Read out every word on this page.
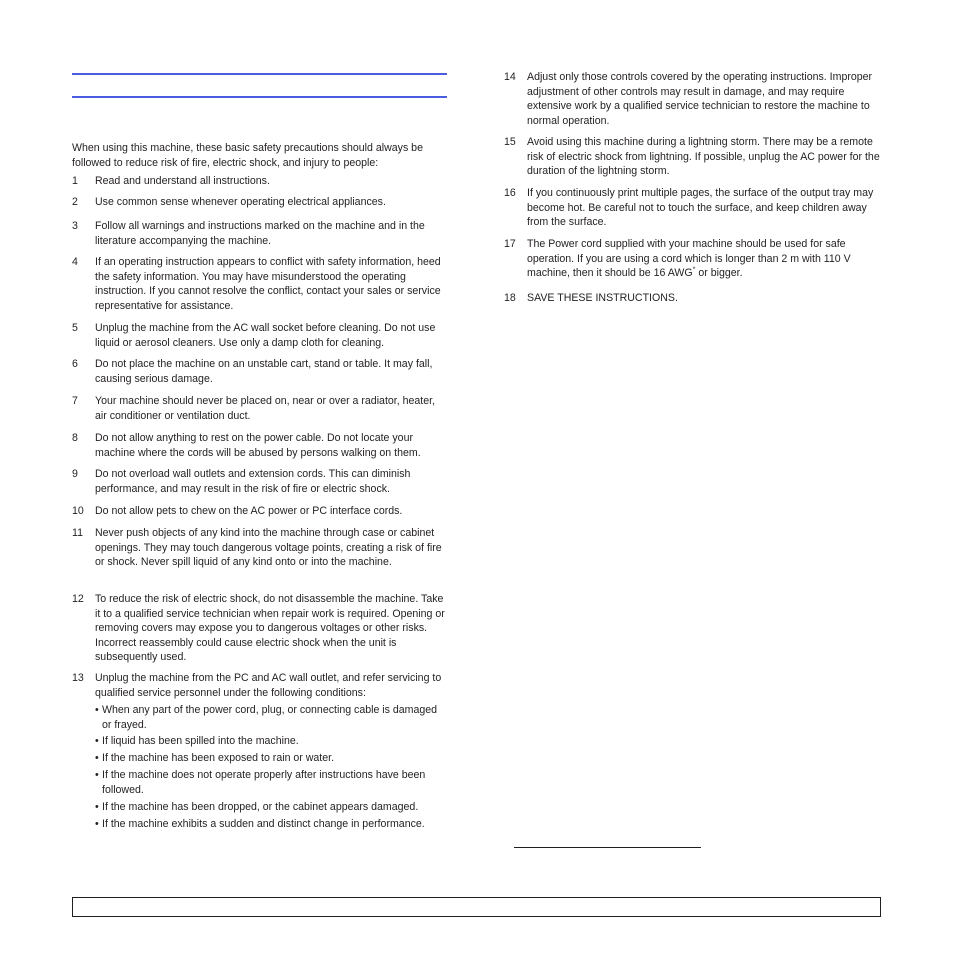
When using this machine, these basic safety precautions should always be followed to reduce risk of fire, electric shock, and injury to people:
1	Read and understand all instructions.
2	Use common sense whenever operating electrical appliances.
3	Follow all warnings and instructions marked on the machine and in the literature accompanying the machine.
4	If an operating instruction appears to conflict with safety information, heed the safety information. You may have misunderstood the operating instruction. If you cannot resolve the conflict, contact your sales or service representative for assistance.
5	Unplug the machine from the AC wall socket before cleaning. Do not use liquid or aerosol cleaners. Use only a damp cloth for cleaning.
6	Do not place the machine on an unstable cart, stand or table. It may fall, causing serious damage.
7	Your machine should never be placed on, near or over a radiator, heater, air conditioner or ventilation duct.
8	Do not allow anything to rest on the power cable. Do not locate your machine where the cords will be abused by persons walking on them.
9	Do not overload wall outlets and extension cords. This can diminish performance, and may result in the risk of fire or electric shock.
10	Do not allow pets to chew on the AC power or PC interface cords.
11	Never push objects of any kind into the machine through case or cabinet openings. They may touch dangerous voltage points, creating a risk of fire or shock. Never spill liquid of any kind onto or into the machine.
12	To reduce the risk of electric shock, do not disassemble the machine. Take it to a qualified service technician when repair work is required. Opening or removing covers may expose you to dangerous voltages or other risks. Incorrect reassembly could cause electric shock when the unit is subsequently used.
13	Unplug the machine from the PC and AC wall outlet, and refer servicing to qualified service personnel under the following conditions:
• When any part of the power cord, plug, or connecting cable is damaged or frayed.
• If liquid has been spilled into the machine.
• If the machine has been exposed to rain or water.
• If the machine does not operate properly after instructions have been followed.
• If the machine has been dropped, or the cabinet appears damaged.
• If the machine exhibits a sudden and distinct change in performance.
14	Adjust only those controls covered by the operating instructions. Improper adjustment of other controls may result in damage, and may require extensive work by a qualified service technician to restore the machine to normal operation.
15	Avoid using this machine during a lightning storm. There may be a remote risk of electric shock from lightning. If possible, unplug the AC power for the duration of the lightning storm.
16	If you continuously print multiple pages, the surface of the output tray may become hot. Be careful not to touch the surface, and keep children away from the surface.
17	The Power cord supplied with your machine should be used for safe operation. If you are using a cord which is longer than 2 m with 110 V machine, then it should be 16 AWG* or bigger.
18	SAVE THESE INSTRUCTIONS.
